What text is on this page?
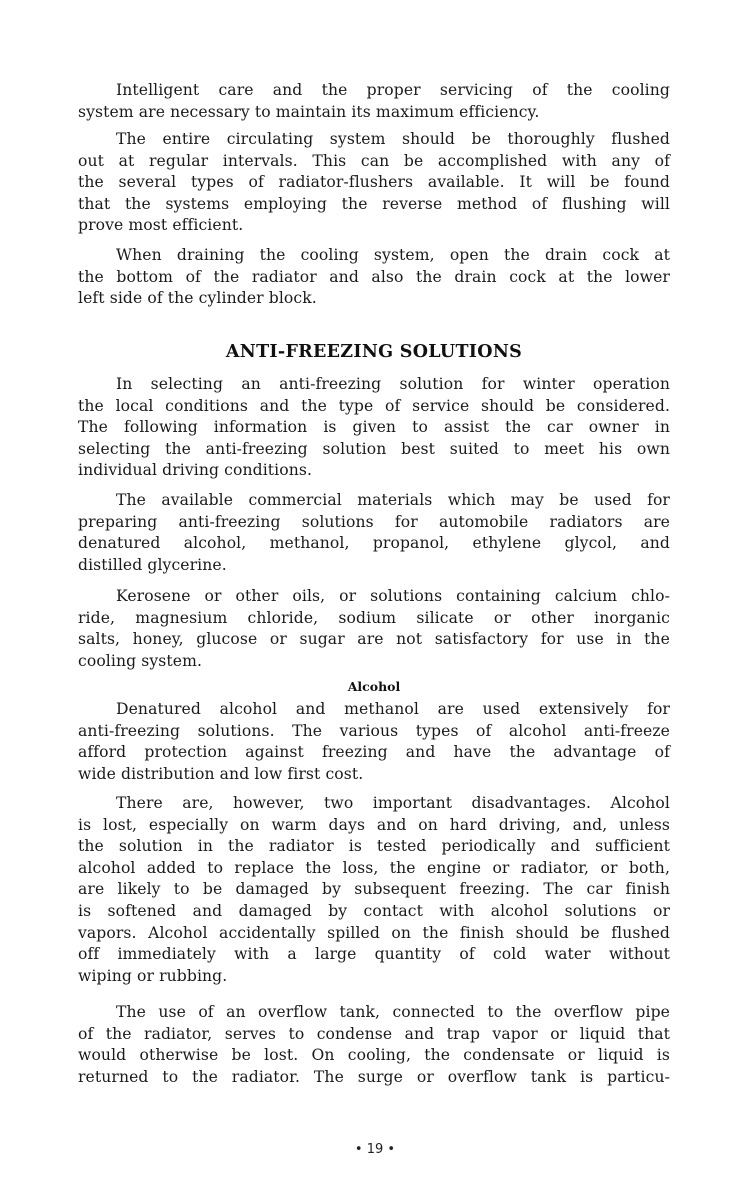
Intelligent care and the proper servicing of the cooling
system are necessary to maintain its maximum efficiency.
The entire circulating system should be thoroughly flushed
out at regular intervals. This can be accomplished with any of
the several types of radiator-flushers available. It will be found
that the systems employing the reverse method of flushing will
prove most efficient.
When draining the cooling system, open the drain cock at
the bottom of the radiator and also the drain cock at the lower
left side of the cylinder block.
ANTI-FREEZING SOLUTIONS
In selecting an anti-freezing solution for winter operation
the local conditions and the type of service should be considered.
The following information is given to assist the car owner in
selecting the anti-freezing solution best suited to meet his own
individual driving conditions.
The available commercial materials which may be used for
preparing anti-freezing solutions for automobile radiators are
denatured alcohol, methanol, propanol, ethylene glycol, and
distilled glycerine.
Kerosene or other oils, or solutions containing calcium chlo-
ride, magnesium chloride, sodium silicate or other inorganic
salts, honey, glucose or sugar are not satisfactory for use in the
cooling system.
Alcohol
Denatured alcohol and methanol are used extensively for
anti-freezing solutions. The various types of alcohol anti-freeze
afford protection against freezing and have the advantage of
wide distribution and low first cost.
There are, however, two important disadvantages. Alcohol
is lost, especially on warm days and on hard driving, and, unless
the solution in the radiator is tested periodically and sufficient
alcohol added to replace the loss, the engine or radiator, or both,
are likely to be damaged by subsequent freezing. The car finish
is softened and damaged by contact with alcohol solutions or
vapors. Alcohol accidentally spilled on the finish should be flushed
off immediately with a large quantity of cold water without
wiping or rubbing.
The use of an overflow tank, connected to the overflow pipe
of the radiator, serves to condense and trap vapor or liquid that
would otherwise be lost. On cooling, the condensate or liquid is
returned to the radiator. The surge or overflow tank is particu-
• 19 •
